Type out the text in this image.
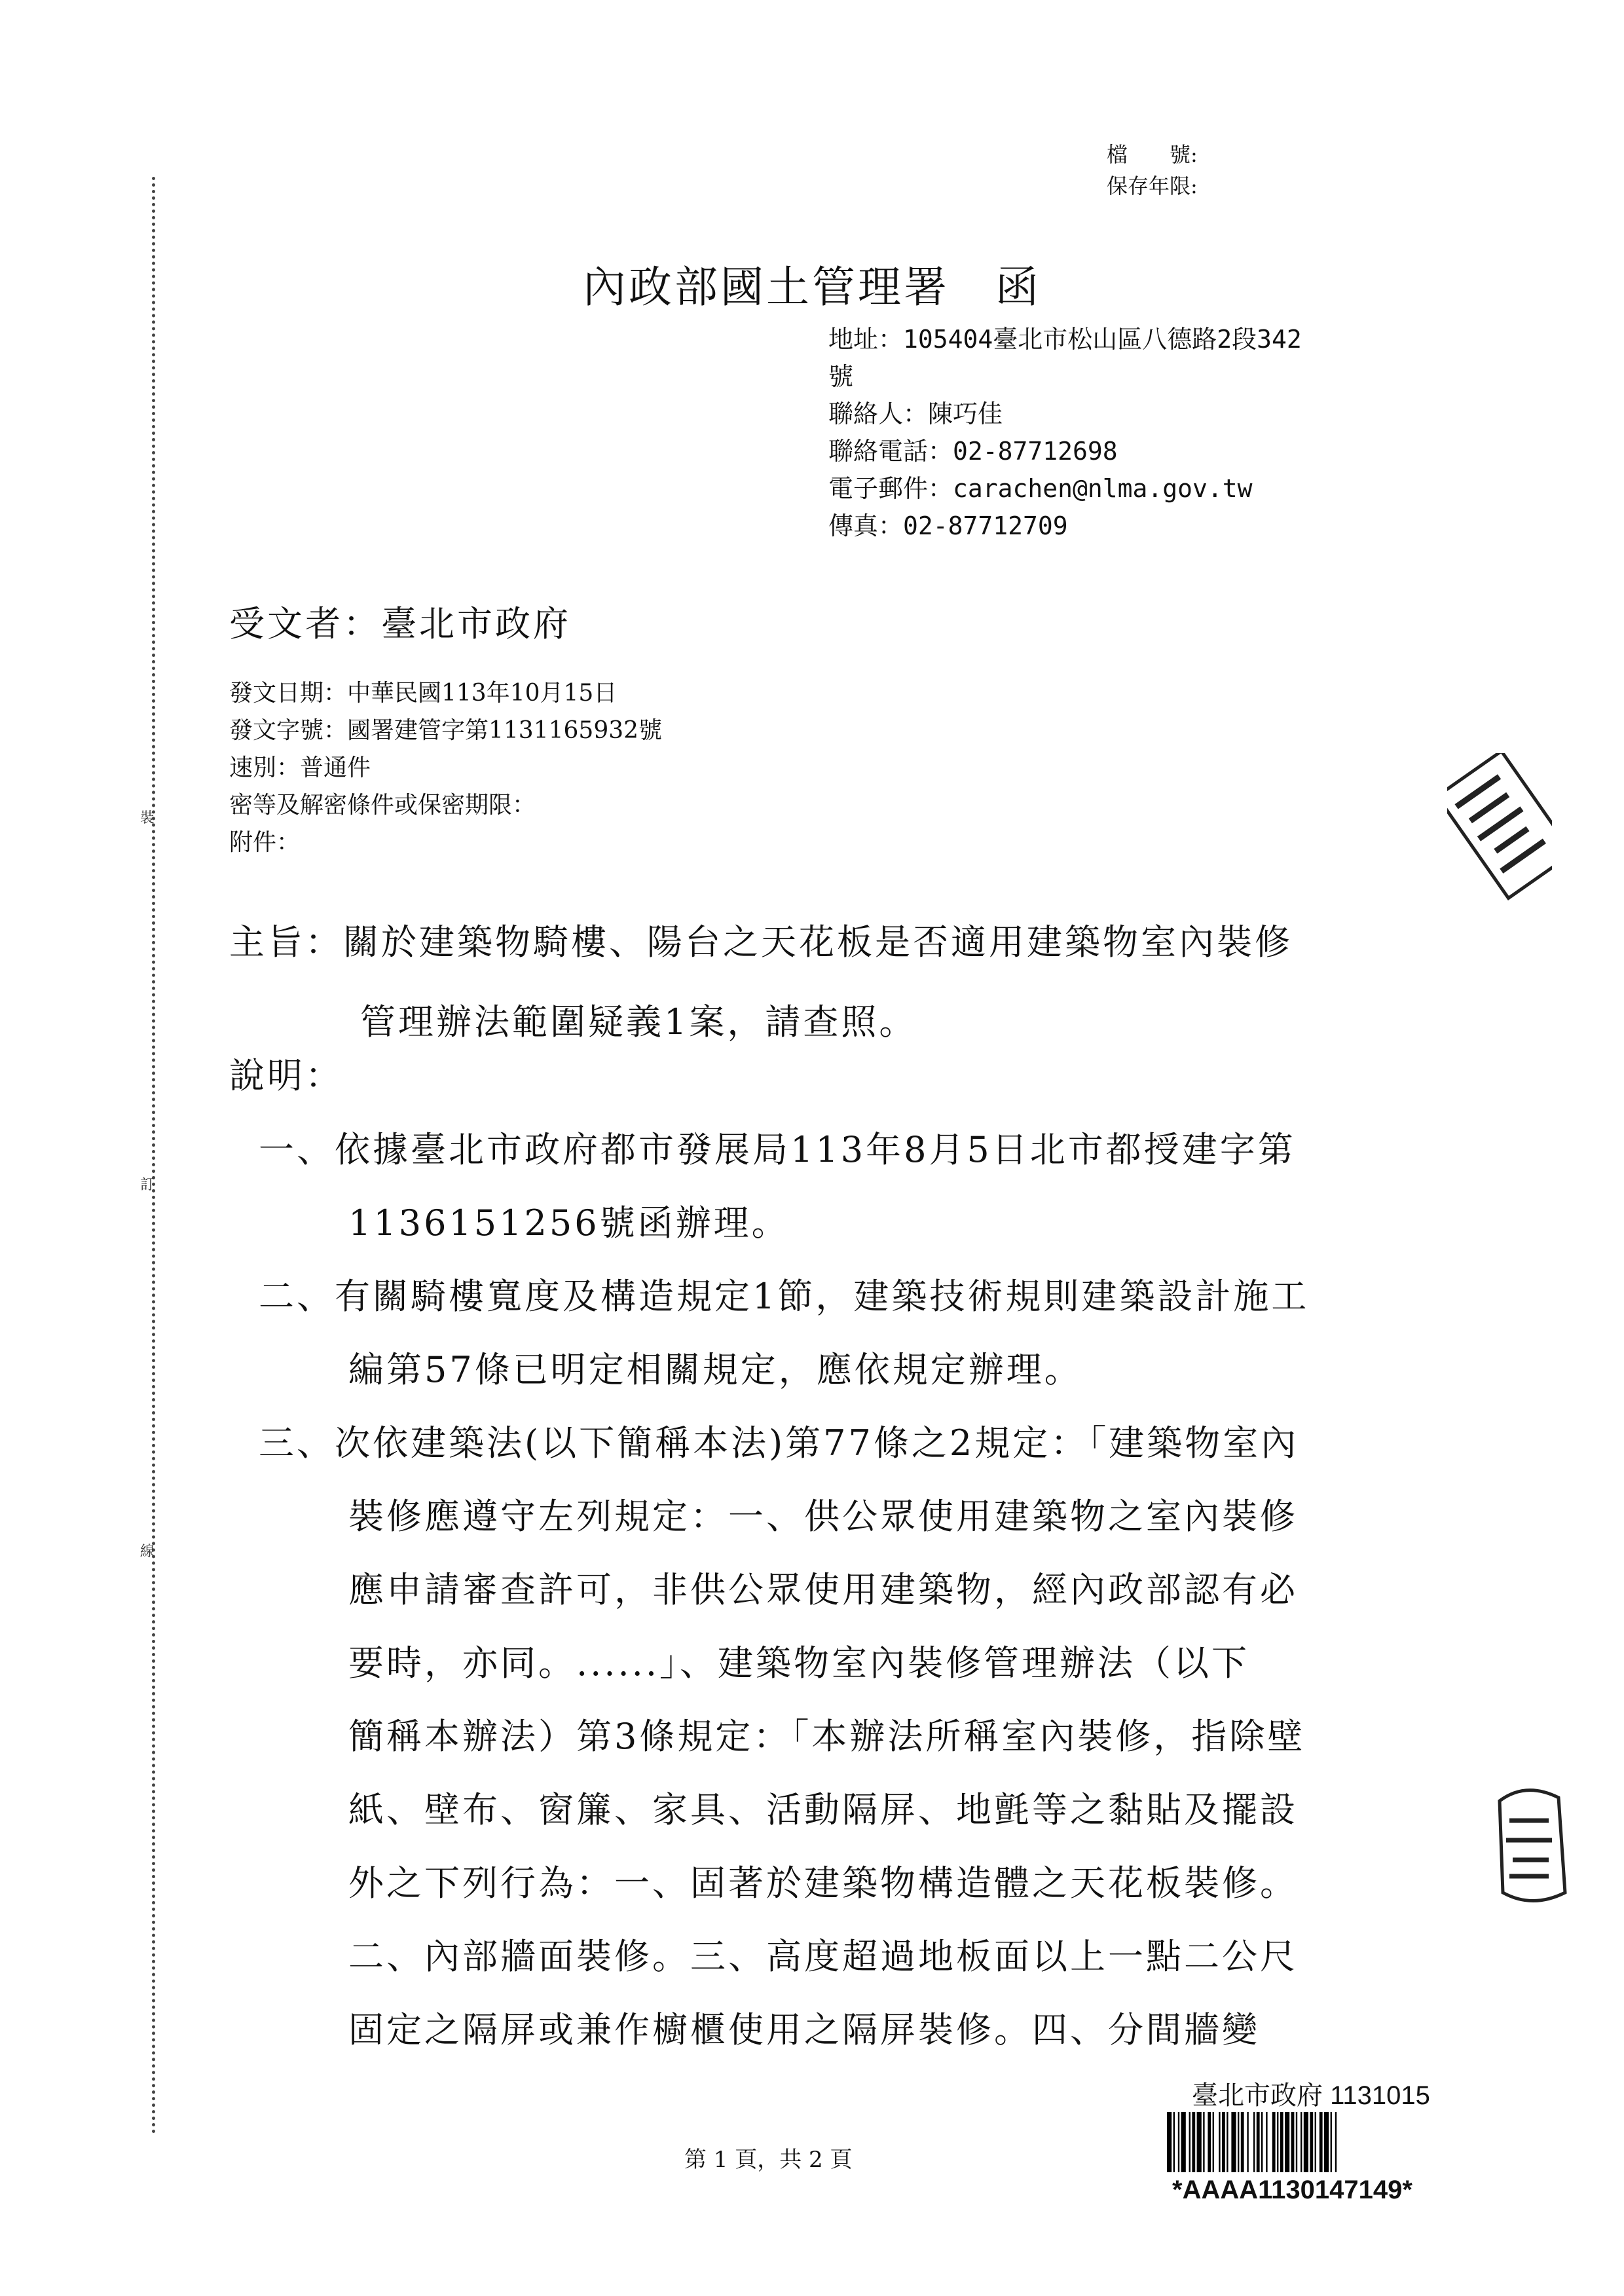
裝
訂
線
檔　　號:
保存年限:
內政部國土管理署　函
地址：105404臺北市松山區八德路2段342
號
聯絡人：陳巧佳
聯絡電話：02-87712698
電子郵件：carachen@nlma.gov.tw
傳真：02-87712709
受文者：臺北市政府
發文日期：中華民國113年10月15日
發文字號：國署建管字第1131165932號
速別：普通件
密等及解密條件或保密期限：
附件：
主旨：關於建築物騎樓、陽台之天花板是否適用建築物室內裝修
管理辦法範圍疑義1案，請查照。
說明：
一、依據臺北市政府都市發展局113年8月5日北市都授建字第
1136151256號函辦理。
二、有關騎樓寬度及構造規定1節，建築技術規則建築設計施工
編第57條已明定相關規定，應依規定辦理。
三、次依建築法(以下簡稱本法)第77條之2規定：「建築物室內
裝修應遵守左列規定：一、供公眾使用建築物之室內裝修
應申請審查許可，非供公眾使用建築物，經內政部認有必
要時，亦同。......」、建築物室內裝修管理辦法（以下
簡稱本辦法）第3條規定：「本辦法所稱室內裝修，指除壁
紙、壁布、窗簾、家具、活動隔屏、地氈等之黏貼及擺設
外之下列行為：一、固著於建築物構造體之天花板裝修。
二、內部牆面裝修。三、高度超過地板面以上一點二公尺
固定之隔屏或兼作櫥櫃使用之隔屏裝修。四、分間牆變
第 1 頁，共 2 頁
臺北市政府 1131015
*AAAA1130147149*
